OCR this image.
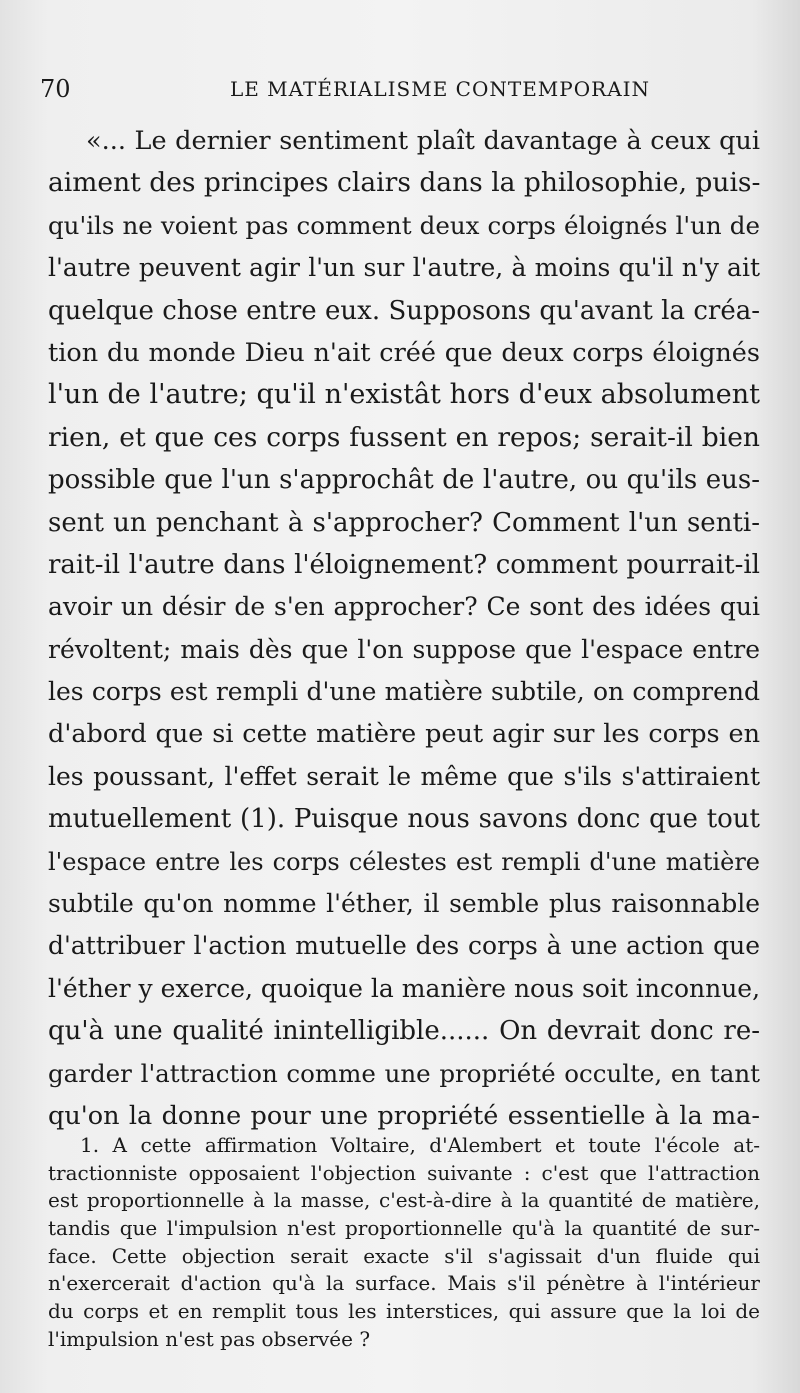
70	LE MATÉRIALISME CONTEMPORAIN
«... Le dernier sentiment plaît davantage à ceux qui
aiment des principes clairs dans la philosophie, puis-
qu'ils ne voient pas comment deux corps éloignés l'un de
l'autre peuvent agir l'un sur l'autre, à moins qu'il n'y ait
quelque chose entre eux. Supposons qu'avant la créa-
tion du monde Dieu n'ait créé que deux corps éloignés
l'un de l'autre; qu'il n'existât hors d'eux absolument
rien, et que ces corps fussent en repos; serait-il bien
possible que l'un s'approchât de l'autre, ou qu'ils eus-
sent un penchant à s'approcher? Comment l'un senti-
rait-il l'autre dans l'éloignement? comment pourrait-il
avoir un désir de s'en approcher? Ce sont des idées qui
révoltent; mais dès que l'on suppose que l'espace entre
les corps est rempli d'une matière subtile, on comprend
d'abord que si cette matière peut agir sur les corps en
les poussant, l'effet serait le même que s'ils s'attiraient
mutuellement (1). Puisque nous savons donc que tout
l'espace entre les corps célestes est rempli d'une matière
subtile qu'on nomme l'éther, il semble plus raisonnable
d'attribuer l'action mutuelle des corps à une action que
l'éther y exerce, quoique la manière nous soit inconnue,
qu'à une qualité inintelligible...... On devrait donc re-
garder l'attraction comme une propriété occulte, en tant
qu'on la donne pour une propriété essentielle à la ma-
1. A cette affirmation Voltaire, d'Alembert et toute l'école at-
tractionniste opposaient l'objection suivante : c'est que l'attraction
est proportionnelle à la masse, c'est-à-dire à la quantité de matière,
tandis que l'impulsion n'est proportionnelle qu'à la quantité de sur-
face. Cette objection serait exacte s'il s'agissait d'un fluide qui
n'exercerait d'action qu'à la surface. Mais s'il pénètre à l'intérieur
du corps et en remplit tous les interstices, qui assure que la loi de
l'impulsion n'est pas observée ?
